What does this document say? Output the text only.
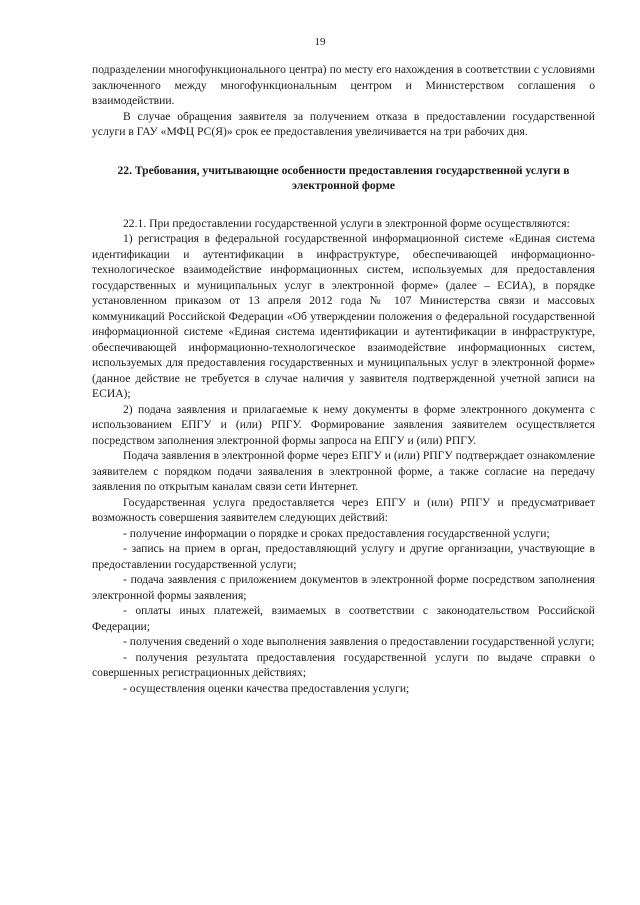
19

подразделении многофункционального центра) по месту его нахождения в соответствии с условиями заключенного между многофункциональным центром и Министерством соглашения о взаимодействии.

В случае обращения заявителя за получением отказа в предоставлении государственной услуги в ГАУ «МФЦ РС(Я)» срок ее предоставления увеличивается на три рабочих дня.

22. Требования, учитывающие особенности предоставления государственной услуги в электронной форме

22.1. При предоставлении государственной услуги в электронной форме осуществляются:

1) регистрация в федеральной государственной информационной системе «Единая система идентификации и аутентификации в инфраструктуре, обеспечивающей информационно-технологическое взаимодействие информационных систем, используемых для предоставления государственных и муниципальных услуг в электронной форме» (далее – ЕСИА), в порядке установленном приказом от 13 апреля 2012 года № 107 Министерства связи и массовых коммуникаций Российской Федерации «Об утверждении положения о федеральной государственной информационной системе «Единая система идентификации и аутентификации в инфраструктуре, обеспечивающей информационно-технологическое взаимодействие информационных систем, используемых для предоставления государственных и муниципальных услуг в электронной форме» (данное действие не требуется в случае наличия у заявителя подтвержденной учетной записи на ЕСИА);

2) подача заявления и прилагаемые к нему документы в форме электронного документа с использованием ЕПГУ и (или) РПГУ. Формирование заявления заявителем осуществляется посредством заполнения электронной формы запроса на ЕПГУ и (или) РПГУ.

Подача заявления в электронной форме через ЕПГУ и (или) РПГУ подтверждает ознакомление заявителем с порядком подачи заяваления в электронной форме, а также согласие на передачу заявления по открытым каналам связи сети Интернет.

Государственная услуга предоставляется через ЕПГУ и (или) РПГУ и предусматривает возможность совершения заявителем следующих действий:

- получение информации о порядке и сроках предоставления государственной услуги;

- запись на прием в орган, предоставляющий услугу и другие организации, участвующие в предоставлении государственной услуги;

- подача заявления с приложением документов в электронной форме посредством заполнения электронной формы заявления;

- оплаты иных платежей, взимаемых в соответствии с законодательством Российской Федерации;

- получения сведений о ходе выполнения заявления о предоставлении государственной услуги;

- получения результата предоставления государственной услуги по выдаче справки о совершенных регистрационных действиях;

- осуществления оценки качества предоставления услуги;
